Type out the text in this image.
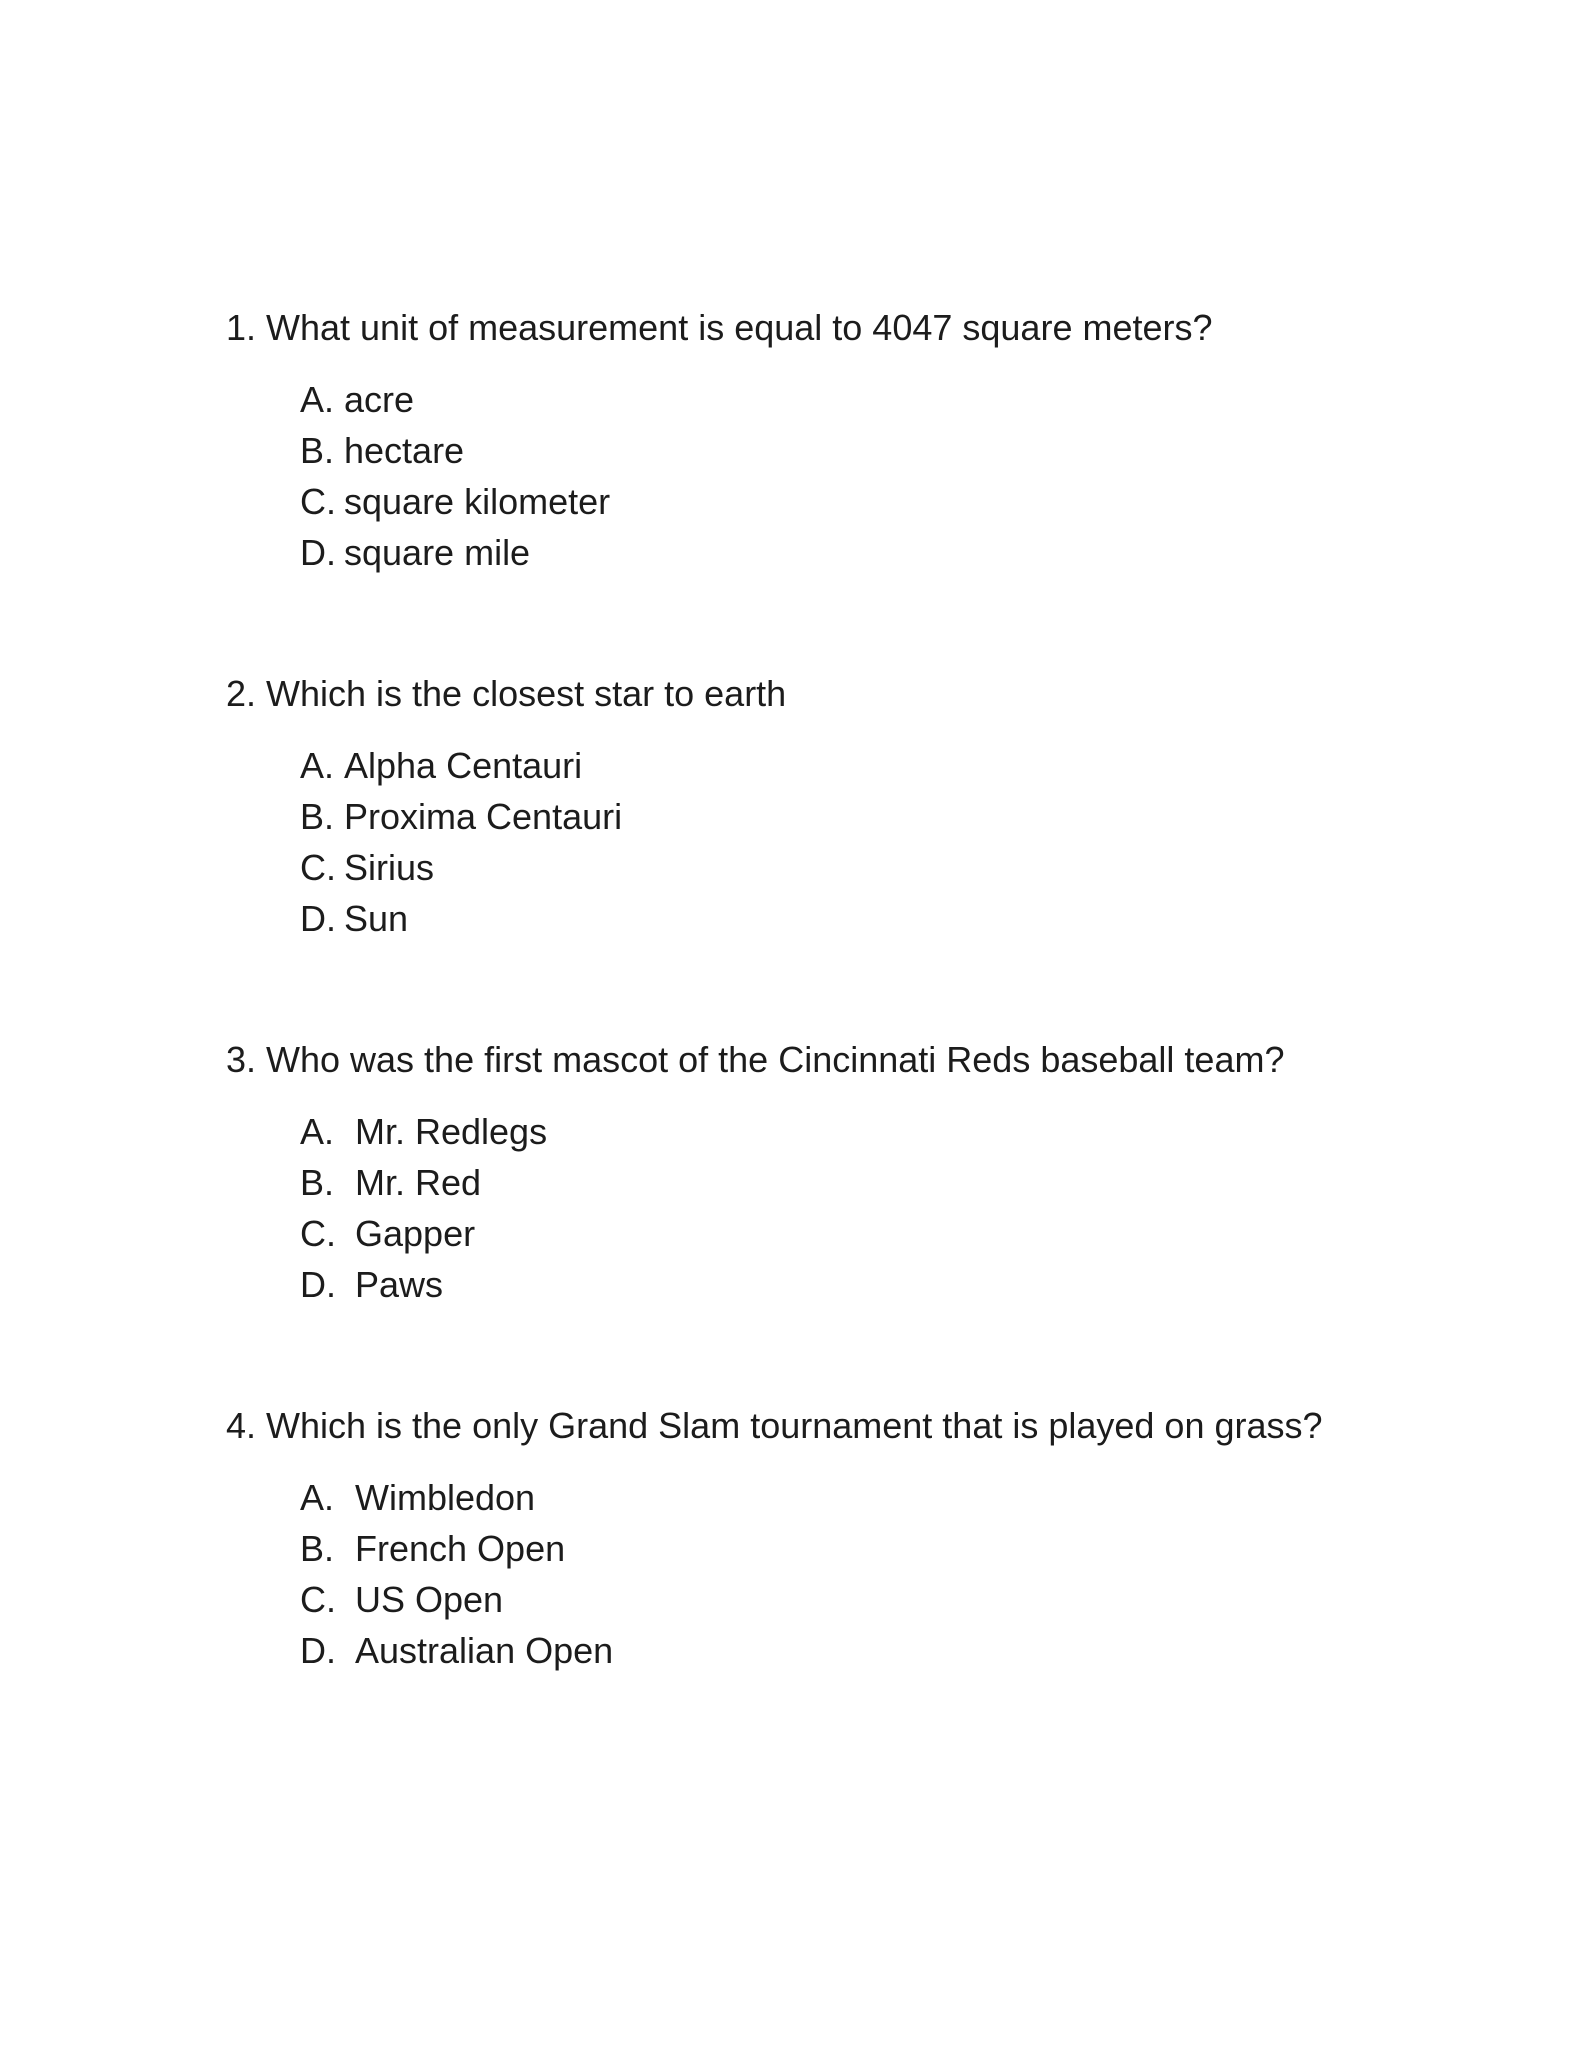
1. What unit of measurement is equal to 4047 square meters?
A. acre
B. hectare
C. square kilometer
D. square mile
2. Which is the closest star to earth
A. Alpha Centauri
B. Proxima Centauri
C. Sirius
D. Sun
3. Who was the first mascot of the Cincinnati Reds baseball team?
A. Mr. Redlegs
B. Mr. Red
C. Gapper
D. Paws
4. Which is the only Grand Slam tournament that is played on grass?
A. Wimbledon
B. French Open
C. US Open
D. Australian Open
